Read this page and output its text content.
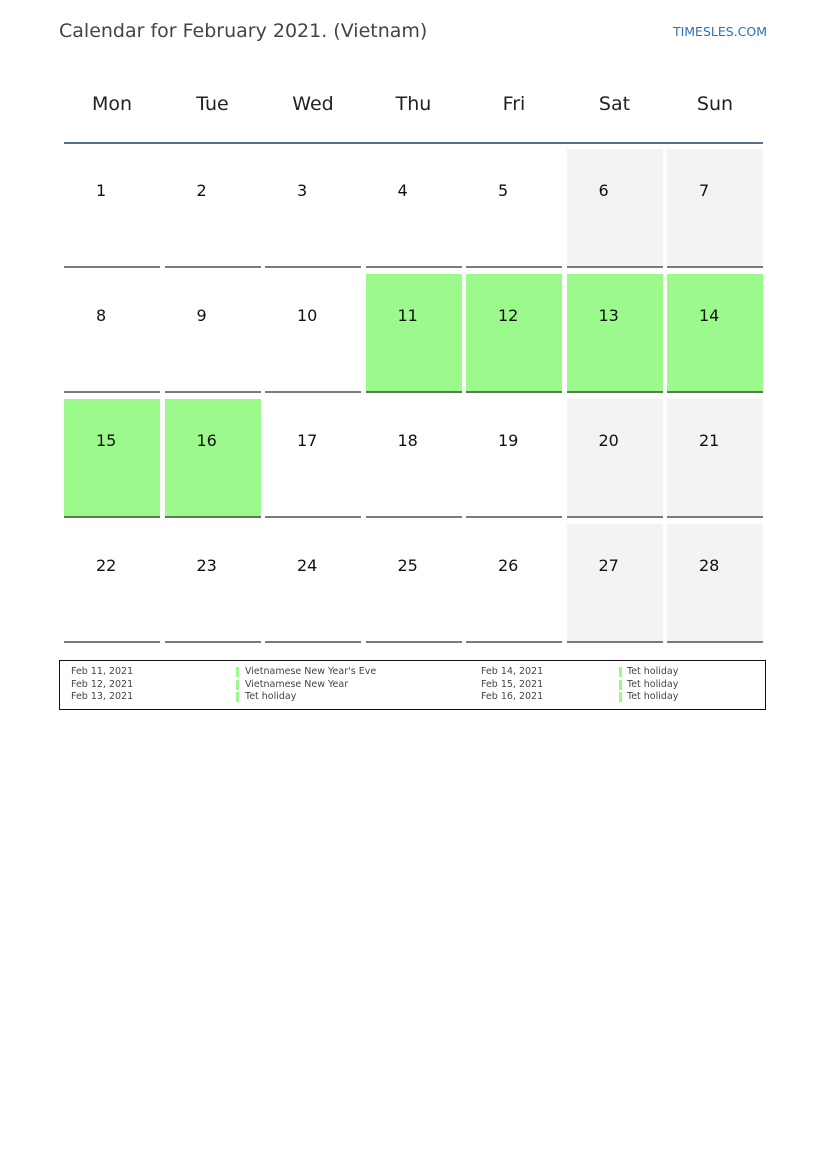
Calendar for February 2021. (Vietnam)	TIMESLES.COM
Mon	Tue	Wed	Thu	Fri	Sat	Sun
1	2	3	4	5	6	7
8	9	10	11	12	13	14
15	16	17	18	19	20	21
22	23	24	25	26	27	28
Feb 11, 2021	Vietnamese New Year's Eve
Feb 12, 2021	Vietnamese New Year
Feb 13, 2021	Tet holiday
Feb 14, 2021	Tet holiday
Feb 15, 2021	Tet holiday
Feb 16, 2021	Tet holiday
